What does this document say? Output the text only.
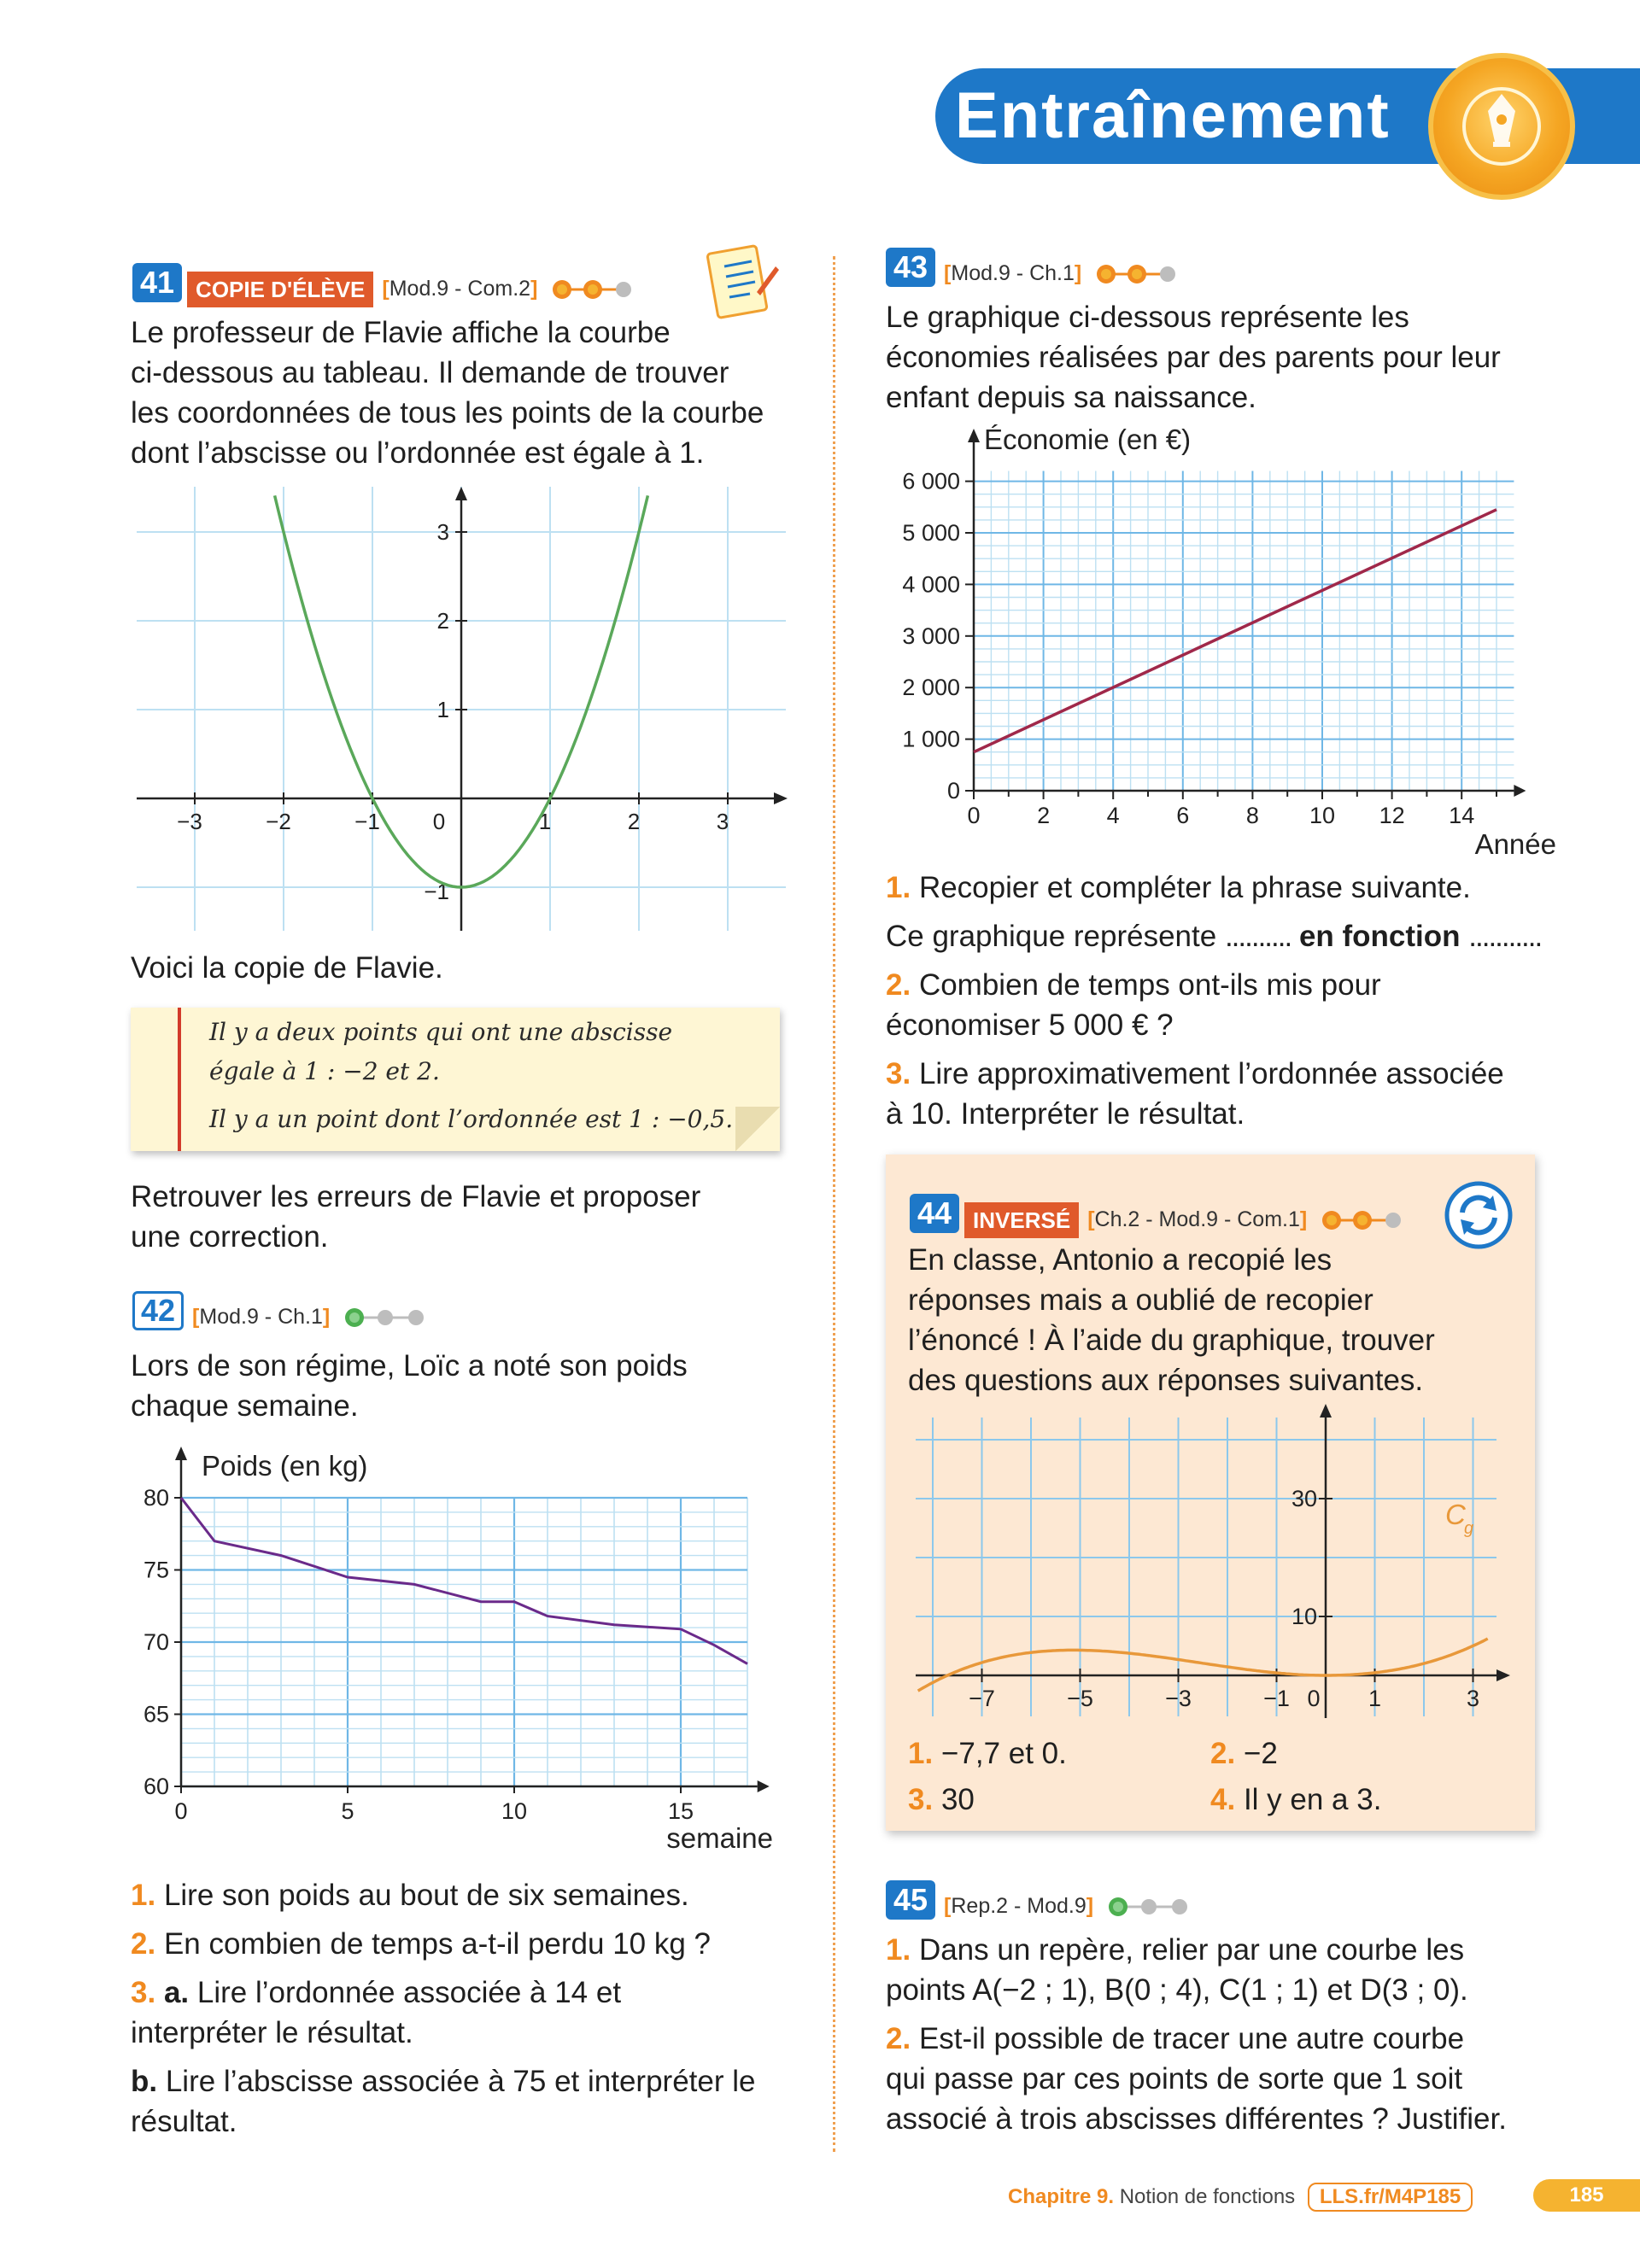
Entraînement
41 COPIE D'ÉLÈVE [Mod.9 - Com.2]
Le professeur de Flavie affiche la courbe
ci-dessous au tableau. Il demande de trouver
les coordonnées de tous les points de la courbe
dont l’abscisse ou l’ordonnée est égale à 1.
−3	−2	−1 0	1	2	3
3
2
1
−1
Voici la copie de Flavie.
Il y a deux points qui ont une abscisse
égale à 1 : −2 et 2.
Il y a un point dont l’ordonnée est 1 : −0,5.
Retrouver les erreurs de Flavie et proposer
une correction.
42 [Mod.9 - Ch.1]
Lors de son régime, Loïc a noté son poids
chaque semaine.
Poids (en kg)
semaine
0	5	10	15
60
65
70
75
80
1. Lire son poids au bout de six semaines.
2. En combien de temps a-t-il perdu 10 kg ?
3. a. Lire l’ordonnée associée à 14 et
interpréter le résultat.
b. Lire l’abscisse associée à 75 et interpréter le
résultat.
43 [Mod.9 - Ch.1]
Le graphique ci-dessous représente les
économies réalisées par des parents pour leur
enfant depuis sa naissance.
Économie (en €)
Année
0 2 4 6 8 10 12 14
0
1 000
2 000
3 000
4 000
5 000
6 000
1. Recopier et compléter la phrase suivante.
Ce graphique représente .......... en fonction ...........
2. Combien de temps ont-ils mis pour
économiser 5 000 € ?
3. Lire approximativement l’ordonnée associée
à 10. Interpréter le résultat.
44 INVERSÉ [Ch.2 - Mod.9 - Com.1]
En classe, Antonio a recopié les
réponses mais a oublié de recopier
l’énoncé ! À l’aide du graphique, trouver
des questions aux réponses suivantes.
−7	−5	−3	−1 0 1	3
10
30	C
g
1. −7,7 et 0.	2. −2
3. 30	4. Il y en a 3.
45 [Rep.2 - Mod.9]
1. Dans un repère, relier par une courbe les
points A(−2 ; 1), B(0 ; 4), C(1 ; 1) et D(3 ; 0).
2. Est-il possible de tracer une autre courbe
qui passe par ces points de sorte que 1 soit
associé à trois abscisses différentes ? Justifier.
Chapitre 9. Notion de fonctions LLS.fr/M4P185	185
